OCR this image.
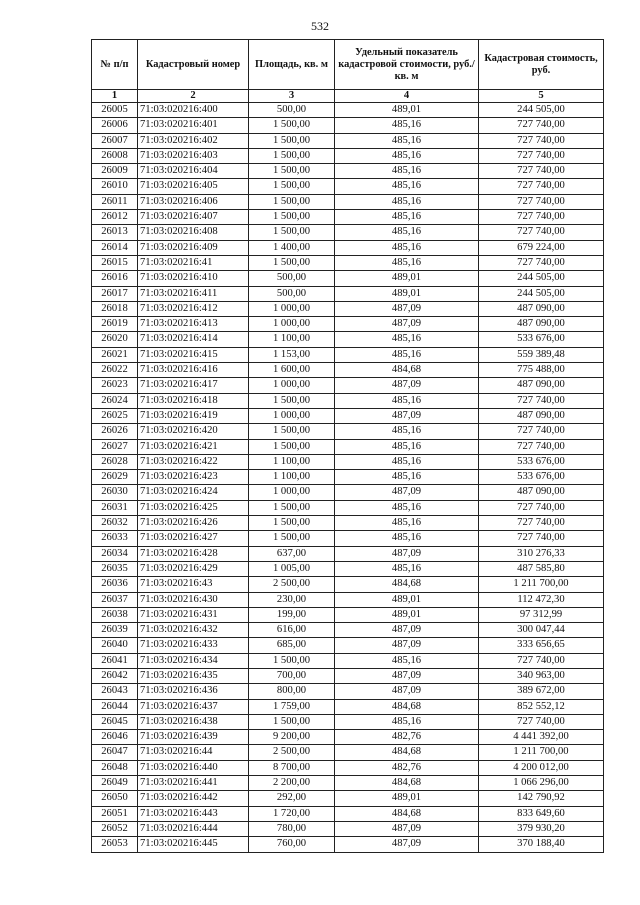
532
№ п/п	Кадастровый номер	Площадь, кв. м	Удельный показатель кадастровой стоимости, руб./кв. м	Кадастровая стоимость, руб.
1	2	3	4	5
26005	71:03:020216:400	500,00	489,01	244 505,00
26006	71:03:020216:401	1 500,00	485,16	727 740,00
26007	71:03:020216:402	1 500,00	485,16	727 740,00
26008	71:03:020216:403	1 500,00	485,16	727 740,00
26009	71:03:020216:404	1 500,00	485,16	727 740,00
26010	71:03:020216:405	1 500,00	485,16	727 740,00
26011	71:03:020216:406	1 500,00	485,16	727 740,00
26012	71:03:020216:407	1 500,00	485,16	727 740,00
26013	71:03:020216:408	1 500,00	485,16	727 740,00
26014	71:03:020216:409	1 400,00	485,16	679 224,00
26015	71:03:020216:41	1 500,00	485,16	727 740,00
26016	71:03:020216:410	500,00	489,01	244 505,00
26017	71:03:020216:411	500,00	489,01	244 505,00
26018	71:03:020216:412	1 000,00	487,09	487 090,00
26019	71:03:020216:413	1 000,00	487,09	487 090,00
26020	71:03:020216:414	1 100,00	485,16	533 676,00
26021	71:03:020216:415	1 153,00	485,16	559 389,48
26022	71:03:020216:416	1 600,00	484,68	775 488,00
26023	71:03:020216:417	1 000,00	487,09	487 090,00
26024	71:03:020216:418	1 500,00	485,16	727 740,00
26025	71:03:020216:419	1 000,00	487,09	487 090,00
26026	71:03:020216:420	1 500,00	485,16	727 740,00
26027	71:03:020216:421	1 500,00	485,16	727 740,00
26028	71:03:020216:422	1 100,00	485,16	533 676,00
26029	71:03:020216:423	1 100,00	485,16	533 676,00
26030	71:03:020216:424	1 000,00	487,09	487 090,00
26031	71:03:020216:425	1 500,00	485,16	727 740,00
26032	71:03:020216:426	1 500,00	485,16	727 740,00
26033	71:03:020216:427	1 500,00	485,16	727 740,00
26034	71:03:020216:428	637,00	487,09	310 276,33
26035	71:03:020216:429	1 005,00	485,16	487 585,80
26036	71:03:020216:43	2 500,00	484,68	1 211 700,00
26037	71:03:020216:430	230,00	489,01	112 472,30
26038	71:03:020216:431	199,00	489,01	97 312,99
26039	71:03:020216:432	616,00	487,09	300 047,44
26040	71:03:020216:433	685,00	487,09	333 656,65
26041	71:03:020216:434	1 500,00	485,16	727 740,00
26042	71:03:020216:435	700,00	487,09	340 963,00
26043	71:03:020216:436	800,00	487,09	389 672,00
26044	71:03:020216:437	1 759,00	484,68	852 552,12
26045	71:03:020216:438	1 500,00	485,16	727 740,00
26046	71:03:020216:439	9 200,00	482,76	4 441 392,00
26047	71:03:020216:44	2 500,00	484,68	1 211 700,00
26048	71:03:020216:440	8 700,00	482,76	4 200 012,00
26049	71:03:020216:441	2 200,00	484,68	1 066 296,00
26050	71:03:020216:442	292,00	489,01	142 790,92
26051	71:03:020216:443	1 720,00	484,68	833 649,60
26052	71:03:020216:444	780,00	487,09	379 930,20
26053	71:03:020216:445	760,00	487,09	370 188,40
